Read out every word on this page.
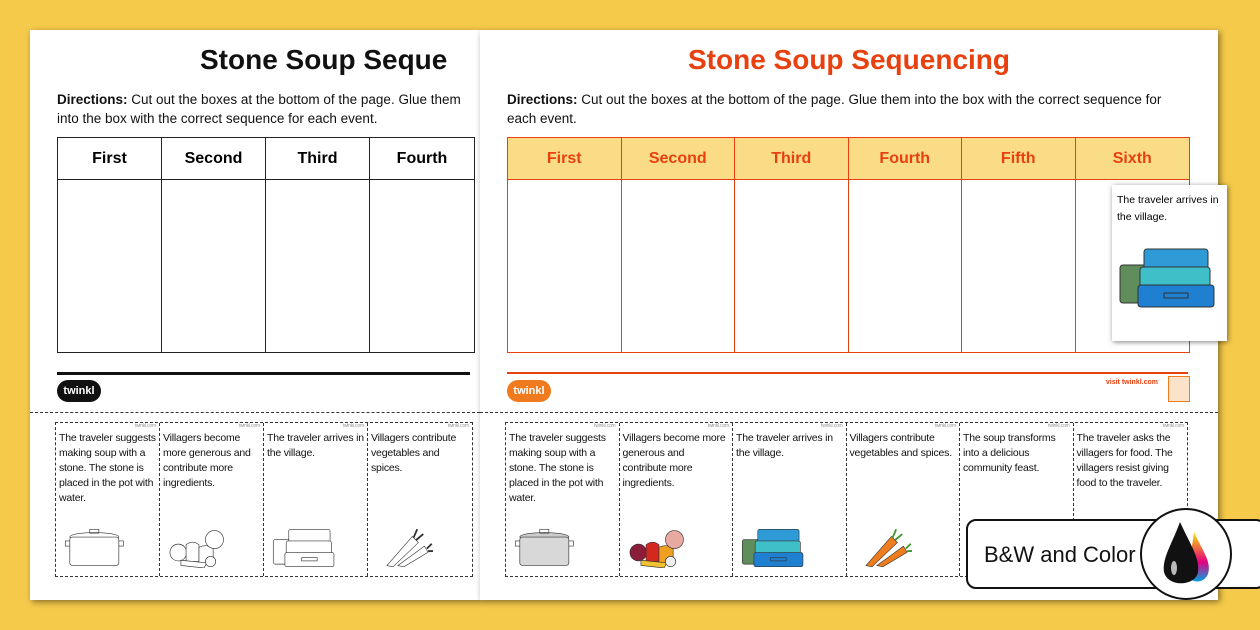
Stone Soup Seque
Directions: Cut out the boxes at the bottom of the page. Glue them into the box with the correct sequence for each event.
First	Second	Third	Fourth
twinkl
twinkl.com
The traveler suggests making soup with a stone. The stone is placed in the pot with water.
twinkl.com
Villagers become more generous and contribute more ingredients.
twinkl.com
The traveler arrives in the village.
twinkl.com
Villagers contribute vegetables and spices.
Stone Soup Sequencing
Directions: Cut out the boxes at the bottom of the page. Glue them into the box with the correct sequence for each event.
First	Second	Third	Fourth	Fifth	Sixth
twinkl
visit twinkl.com
twinkl.com
The traveler suggests making soup with a stone. The stone is placed in the pot with water.
twinkl.com
Villagers become more generous and contribute more ingredients.
twinkl.com
The traveler arrives in the village.
twinkl.com
Villagers contribute vegetables and spices.
twinkl.com
The soup transforms into a delicious community feast.
twinkl.com
The traveler asks the villagers for food. The villagers resist giving food to the traveler.
The traveler arrives in the village.
B&W and Color
